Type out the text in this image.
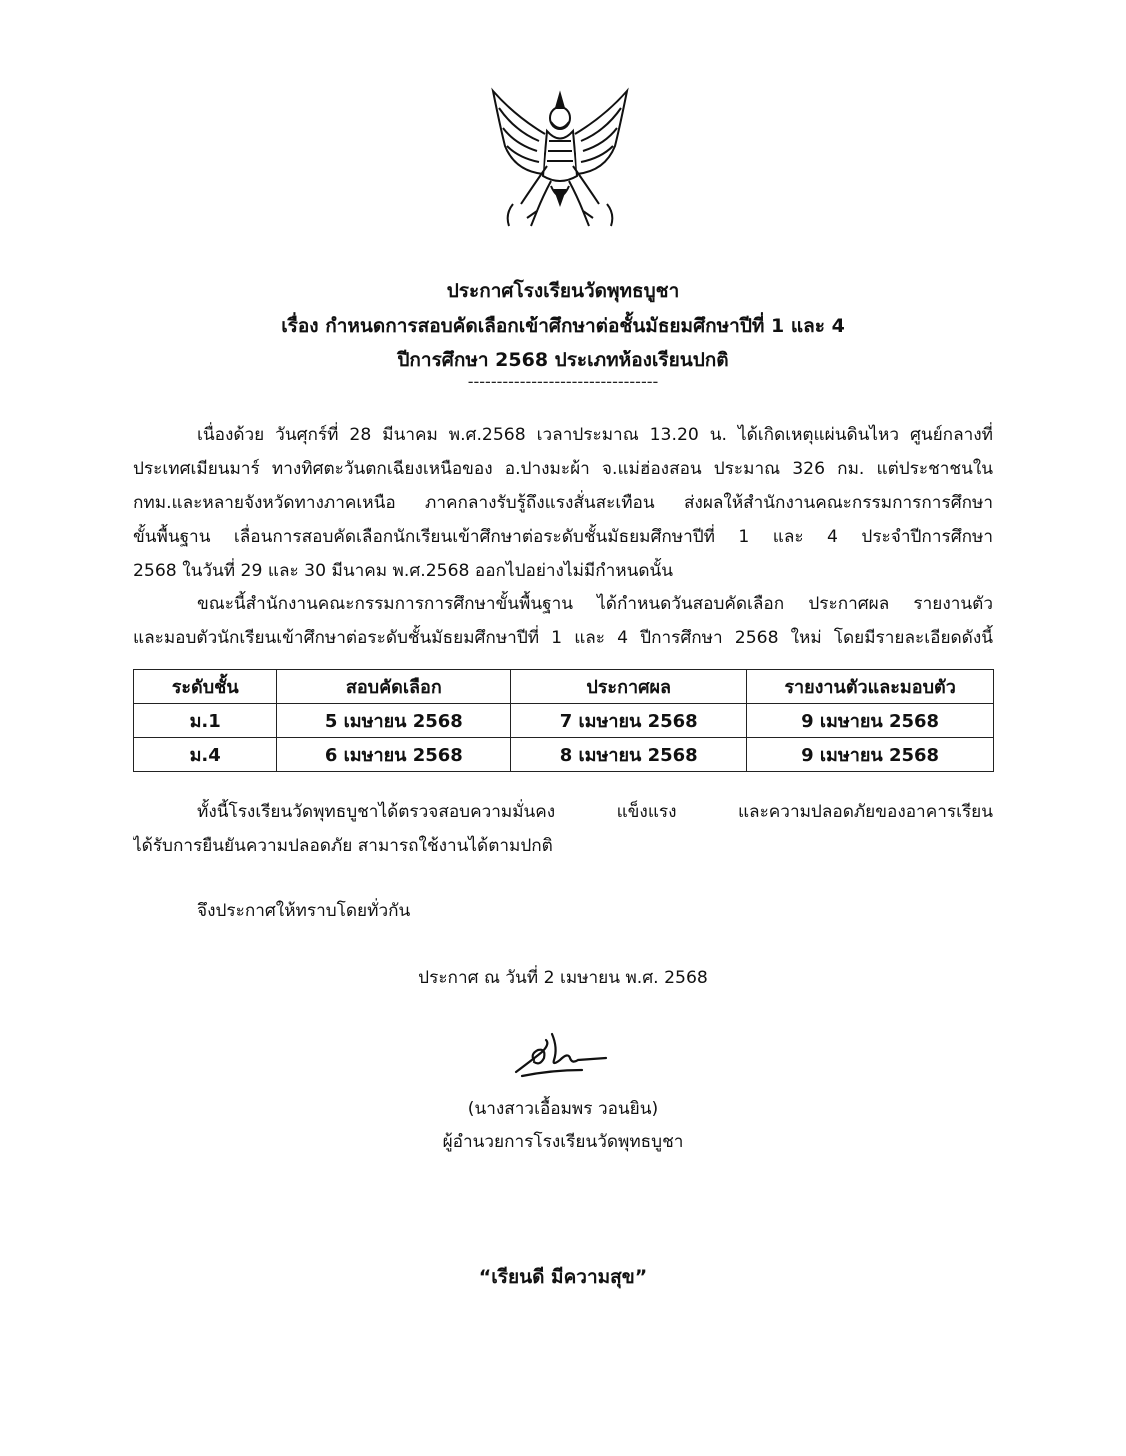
ประกาศโรงเรียนวัดพุทธบูชา
เรื่อง กำหนดการสอบคัดเลือกเข้าศึกษาต่อชั้นมัธยมศึกษาปีที่ 1 และ 4
ปีการศึกษา 2568 ประเภทห้องเรียนปกติ
---------------------------------
เนื่องด้วย วันศุกร์ที่ 28 มีนาคม พ.ศ.2568 เวลาประมาณ 13.20 น. ได้เกิดเหตุแผ่นดินไหว ศูนย์กลางที่
ประเทศเมียนมาร์ ทางทิศตะวันตกเฉียงเหนือของ อ.ปางมะผ้า จ.แม่ฮ่องสอน ประมาณ 326 กม. แต่ประชาชนใน
กทม.และหลายจังหวัดทางภาคเหนือ ภาคกลางรับรู้ถึงแรงสั่นสะเทือน ส่งผลให้สำนักงานคณะกรรมการการศึกษา
ขั้นพื้นฐาน เลื่อนการสอบคัดเลือกนักเรียนเข้าศึกษาต่อระดับชั้นมัธยมศึกษาปีที่ 1 และ 4 ประจำปีการศึกษา
2568 ในวันที่ 29 และ 30 มีนาคม พ.ศ.2568 ออกไปอย่างไม่มีกำหนดนั้น
ขณะนี้สำนักงานคณะกรรมการการศึกษาขั้นพื้นฐาน ได้กำหนดวันสอบคัดเลือก ประกาศผล รายงานตัว
และมอบตัวนักเรียนเข้าศึกษาต่อระดับชั้นมัธยมศึกษาปีที่ 1 และ 4 ปีการศึกษา 2568 ใหม่ โดยมีรายละเอียดดังนี้
ระดับชั้น	สอบคัดเลือก	ประกาศผล	รายงานตัวและมอบตัว
ม.1	5 เมษายน 2568	7 เมษายน 2568	9 เมษายน 2568
ม.4	6 เมษายน 2568	8 เมษายน 2568	9 เมษายน 2568
ทั้งนี้โรงเรียนวัดพุทธบูชาได้ตรวจสอบความมั่นคง แข็งแรง และความปลอดภัยของอาคารเรียน
ได้รับการยืนยันความปลอดภัย สามารถใช้งานได้ตามปกติ
จึงประกาศให้ทราบโดยทั่วกัน
ประกาศ ณ วันที่ 2 เมษายน พ.ศ. 2568
(นางสาวเอื้อมพร วอนยิน)
ผู้อำนวยการโรงเรียนวัดพุทธบูชา
“เรียนดี มีความสุข”
